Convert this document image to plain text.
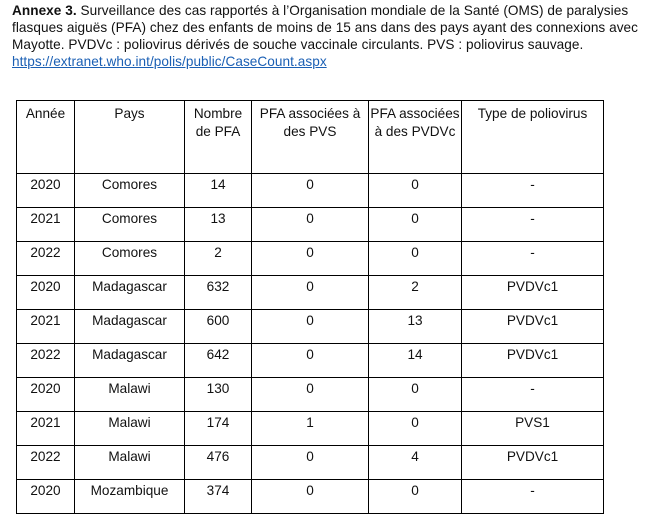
Annexe 3. Surveillance des cas rapportés à l’Organisation mondiale de la Santé (OMS) de paralysies flasques aiguës (PFA) chez des enfants de moins de 15 ans dans des pays ayant des connexions avec Mayotte. PVDVc : poliovirus dérivés de souche vaccinale circulants. PVS : poliovirus sauvage.
https://extranet.who.int/polis/public/CaseCount.aspx
Année	Pays	Nombre de PFA	PFA associées à des PVS	PFA associées à des PVDVc	Type de poliovirus
2020	Comores	14	0	0	-
2021	Comores	13	0	0	-
2022	Comores	2	0	0	-
2020	Madagascar	632	0	2	PVDVc1
2021	Madagascar	600	0	13	PVDVc1
2022	Madagascar	642	0	14	PVDVc1
2020	Malawi	130	0	0	-
2021	Malawi	174	1	0	PVS1
2022	Malawi	476	0	4	PVDVc1
2020	Mozambique	374	0	0	-
